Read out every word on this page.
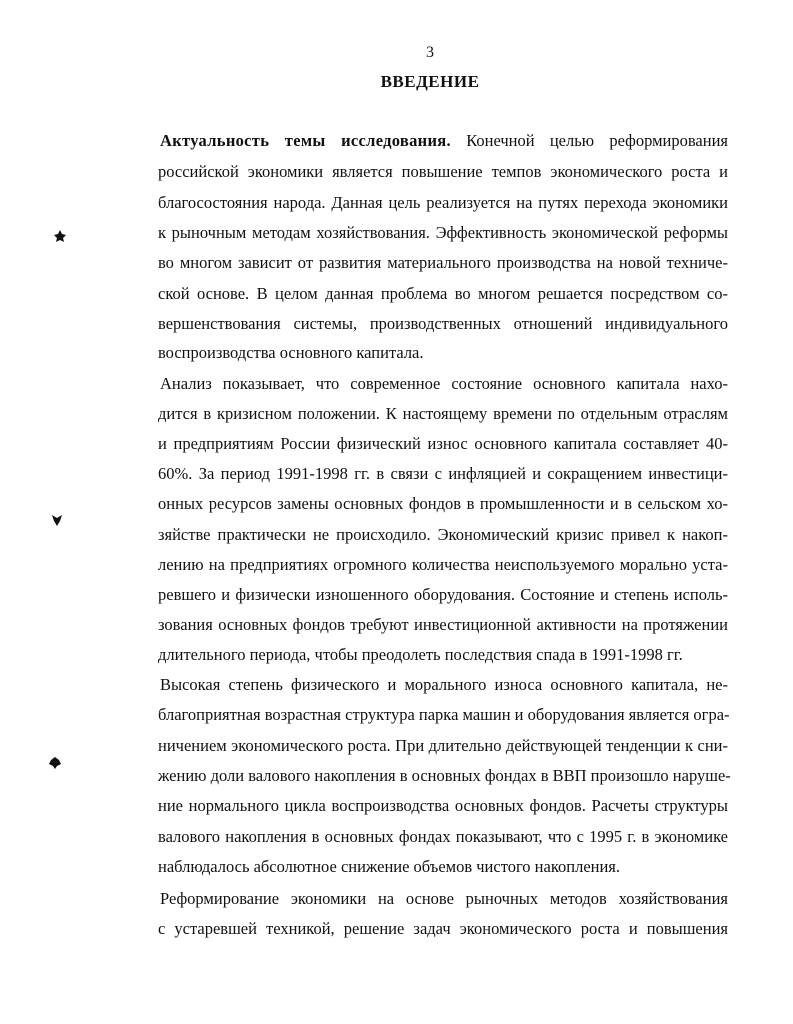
3
ВВЕДЕНИЕ
Актуальность темы исследования. Конечной целью реформирования
российской экономики является повышение темпов экономического роста и
благосостояния народа. Данная цель реализуется на путях перехода экономики
к рыночным методам хозяйствования. Эффективность экономической реформы
во многом зависит от развития материального производства на новой техниче-
ской основе. В целом данная проблема во многом решается посредством со-
вершенствования системы, производственных отношений индивидуального
воспроизводства основного капитала.
Анализ показывает, что современное состояние основного капитала нахо-
дится в кризисном положении. К настоящему времени по отдельным отраслям
и предприятиям России физический износ основного капитала составляет 40-
60%. За период 1991-1998 гг. в связи с инфляцией и сокращением инвестици-
онных ресурсов замены основных фондов в промышленности и в сельском хо-
зяйстве практически не происходило. Экономический кризис привел к накоп-
лению на предприятиях огромного количества неиспользуемого морально уста-
ревшего и физически изношенного оборудования. Состояние и степень исполь-
зования основных фондов требуют инвестиционной активности на протяжении
длительного периода, чтобы преодолеть последствия спада в 1991-1998 гг.
Высокая степень физического и морального износа основного капитала, не-
благоприятная возрастная структура парка машин и оборудования является огра-
ничением экономического роста. При длительно действующей тенденции к сни-
жению доли валового накопления в основных фондах в ВВП произошло наруше-
ние нормального цикла воспроизводства основных фондов. Расчеты структуры
валового накопления в основных фондах показывают, что с 1995 г. в экономике
наблюдалось абсолютное снижение объемов чистого накопления.
Реформирование экономики на основе рыночных методов хозяйствования
с устаревшей техникой, решение задач экономического роста и повышения
